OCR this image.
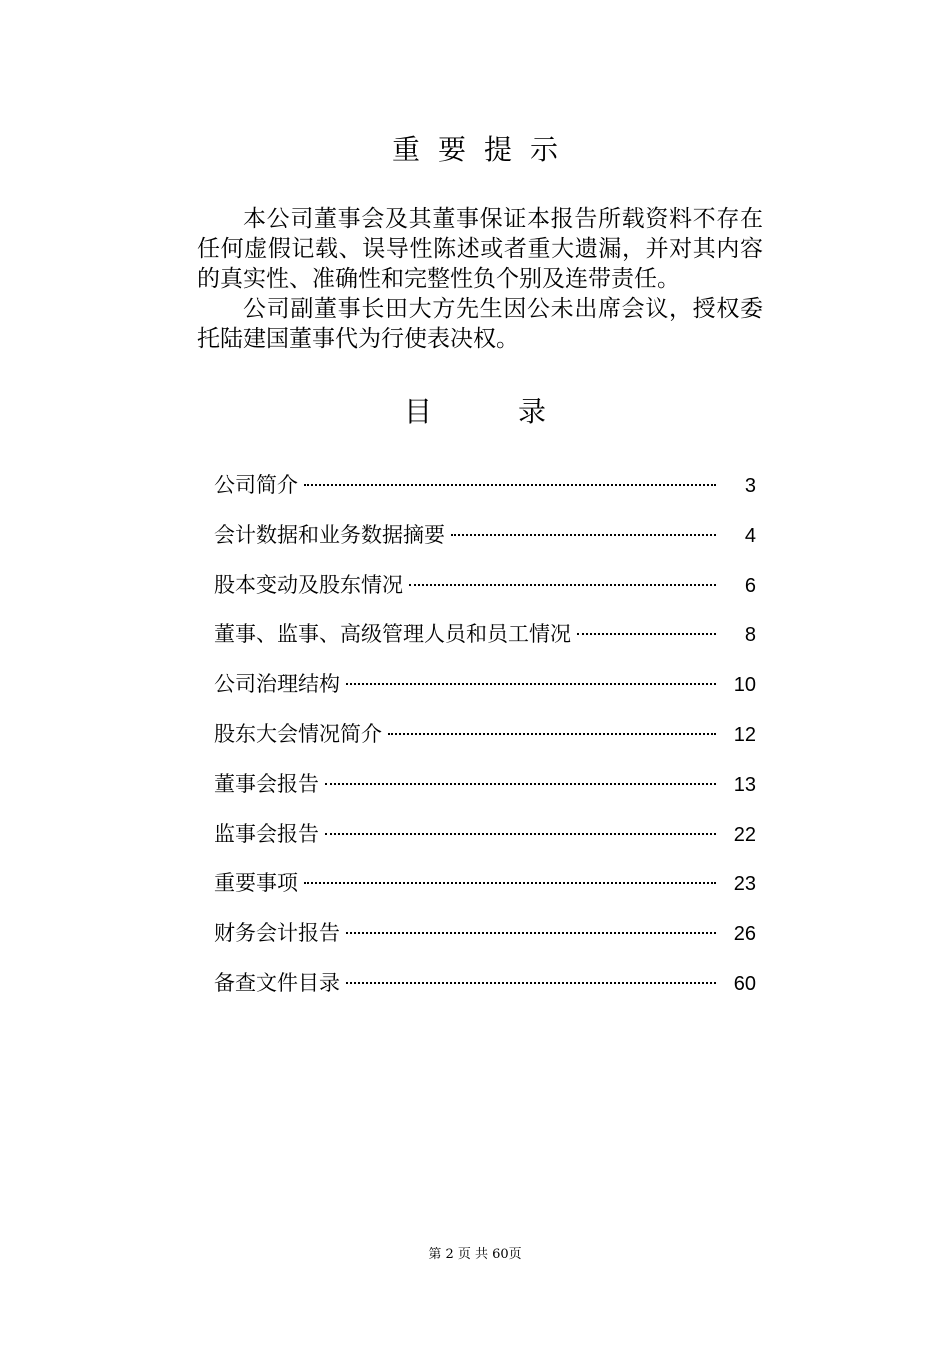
重要提示

本公司董事会及其董事保证本报告所载资料不存在任何虚假记载、误导性陈述或者重大遗漏，并对其内容的真实性、准确性和完整性负个别及连带责任。

公司副董事长田大方先生因公未出席会议，授权委托陆建国董事代为行使表决权。

目录
公司简介	3
会计数据和业务数据摘要	4
股本变动及股东情况	6
董事、监事、高级管理人员和员工情况	8
公司治理结构	10
股东大会情况简介	12
董事会报告	13
监事会报告	22
重要事项	23
财务会计报告	26
备查文件目录	60
第 2 页 共 60页
